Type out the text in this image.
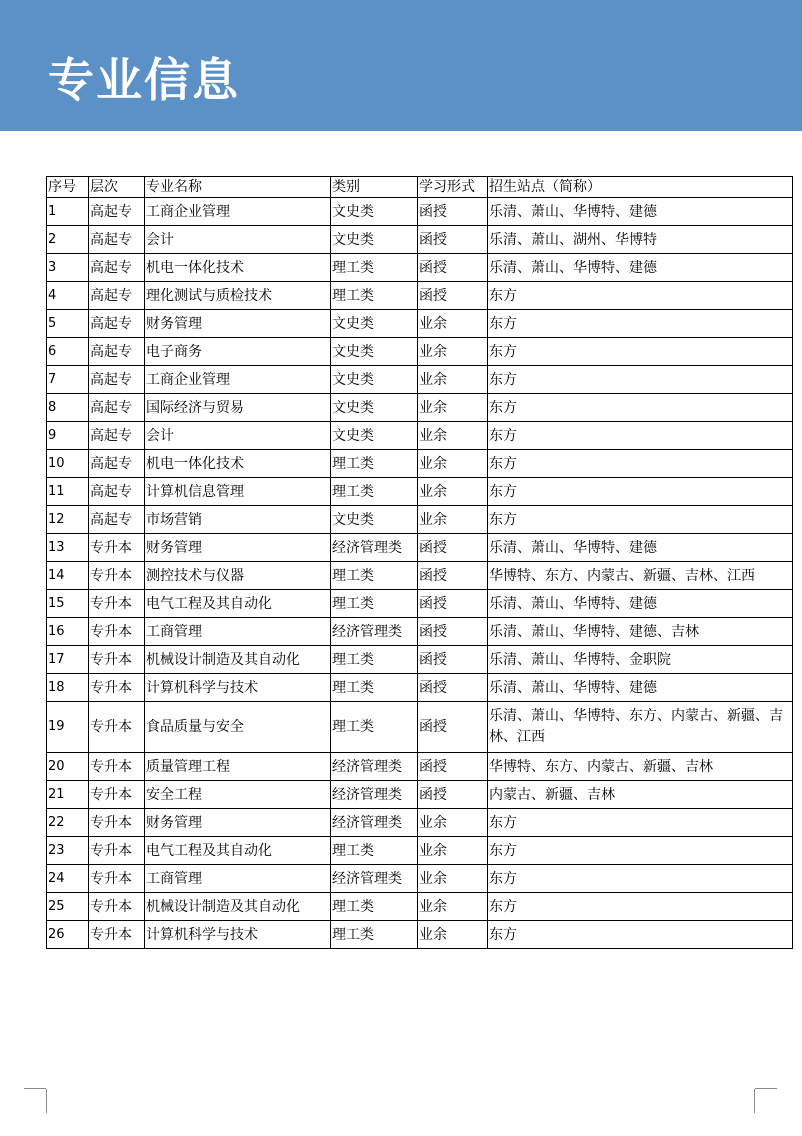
专业信息
序号	层次	专业名称	类别	学习形式	招生站点（简称）
1	高起专	工商企业管理	文史类	函授	乐清、萧山、华博特、建德
2	高起专	会计	文史类	函授	乐清、萧山、湖州、华博特
3	高起专	机电一体化技术	理工类	函授	乐清、萧山、华博特、建德
4	高起专	理化测试与质检技术	理工类	函授	东方
5	高起专	财务管理	文史类	业余	东方
6	高起专	电子商务	文史类	业余	东方
7	高起专	工商企业管理	文史类	业余	东方
8	高起专	国际经济与贸易	文史类	业余	东方
9	高起专	会计	文史类	业余	东方
10	高起专	机电一体化技术	理工类	业余	东方
11	高起专	计算机信息管理	理工类	业余	东方
12	高起专	市场营销	文史类	业余	东方
13	专升本	财务管理	经济管理类	函授	乐清、萧山、华博特、建德
14	专升本	测控技术与仪器	理工类	函授	华博特、东方、内蒙古、新疆、吉林、江西
15	专升本	电气工程及其自动化	理工类	函授	乐清、萧山、华博特、建德
16	专升本	工商管理	经济管理类	函授	乐清、萧山、华博特、建德、吉林
17	专升本	机械设计制造及其自动化	理工类	函授	乐清、萧山、华博特、金职院
18	专升本	计算机科学与技术	理工类	函授	乐清、萧山、华博特、建德
19	专升本	食品质量与安全	理工类	函授	乐清、萧山、华博特、东方、内蒙古、新疆、吉林、江西
20	专升本	质量管理工程	经济管理类	函授	华博特、东方、内蒙古、新疆、吉林
21	专升本	安全工程	经济管理类	函授	内蒙古、新疆、吉林
22	专升本	财务管理	经济管理类	业余	东方
23	专升本	电气工程及其自动化	理工类	业余	东方
24	专升本	工商管理	经济管理类	业余	东方
25	专升本	机械设计制造及其自动化	理工类	业余	东方
26	专升本	计算机科学与技术	理工类	业余	东方
